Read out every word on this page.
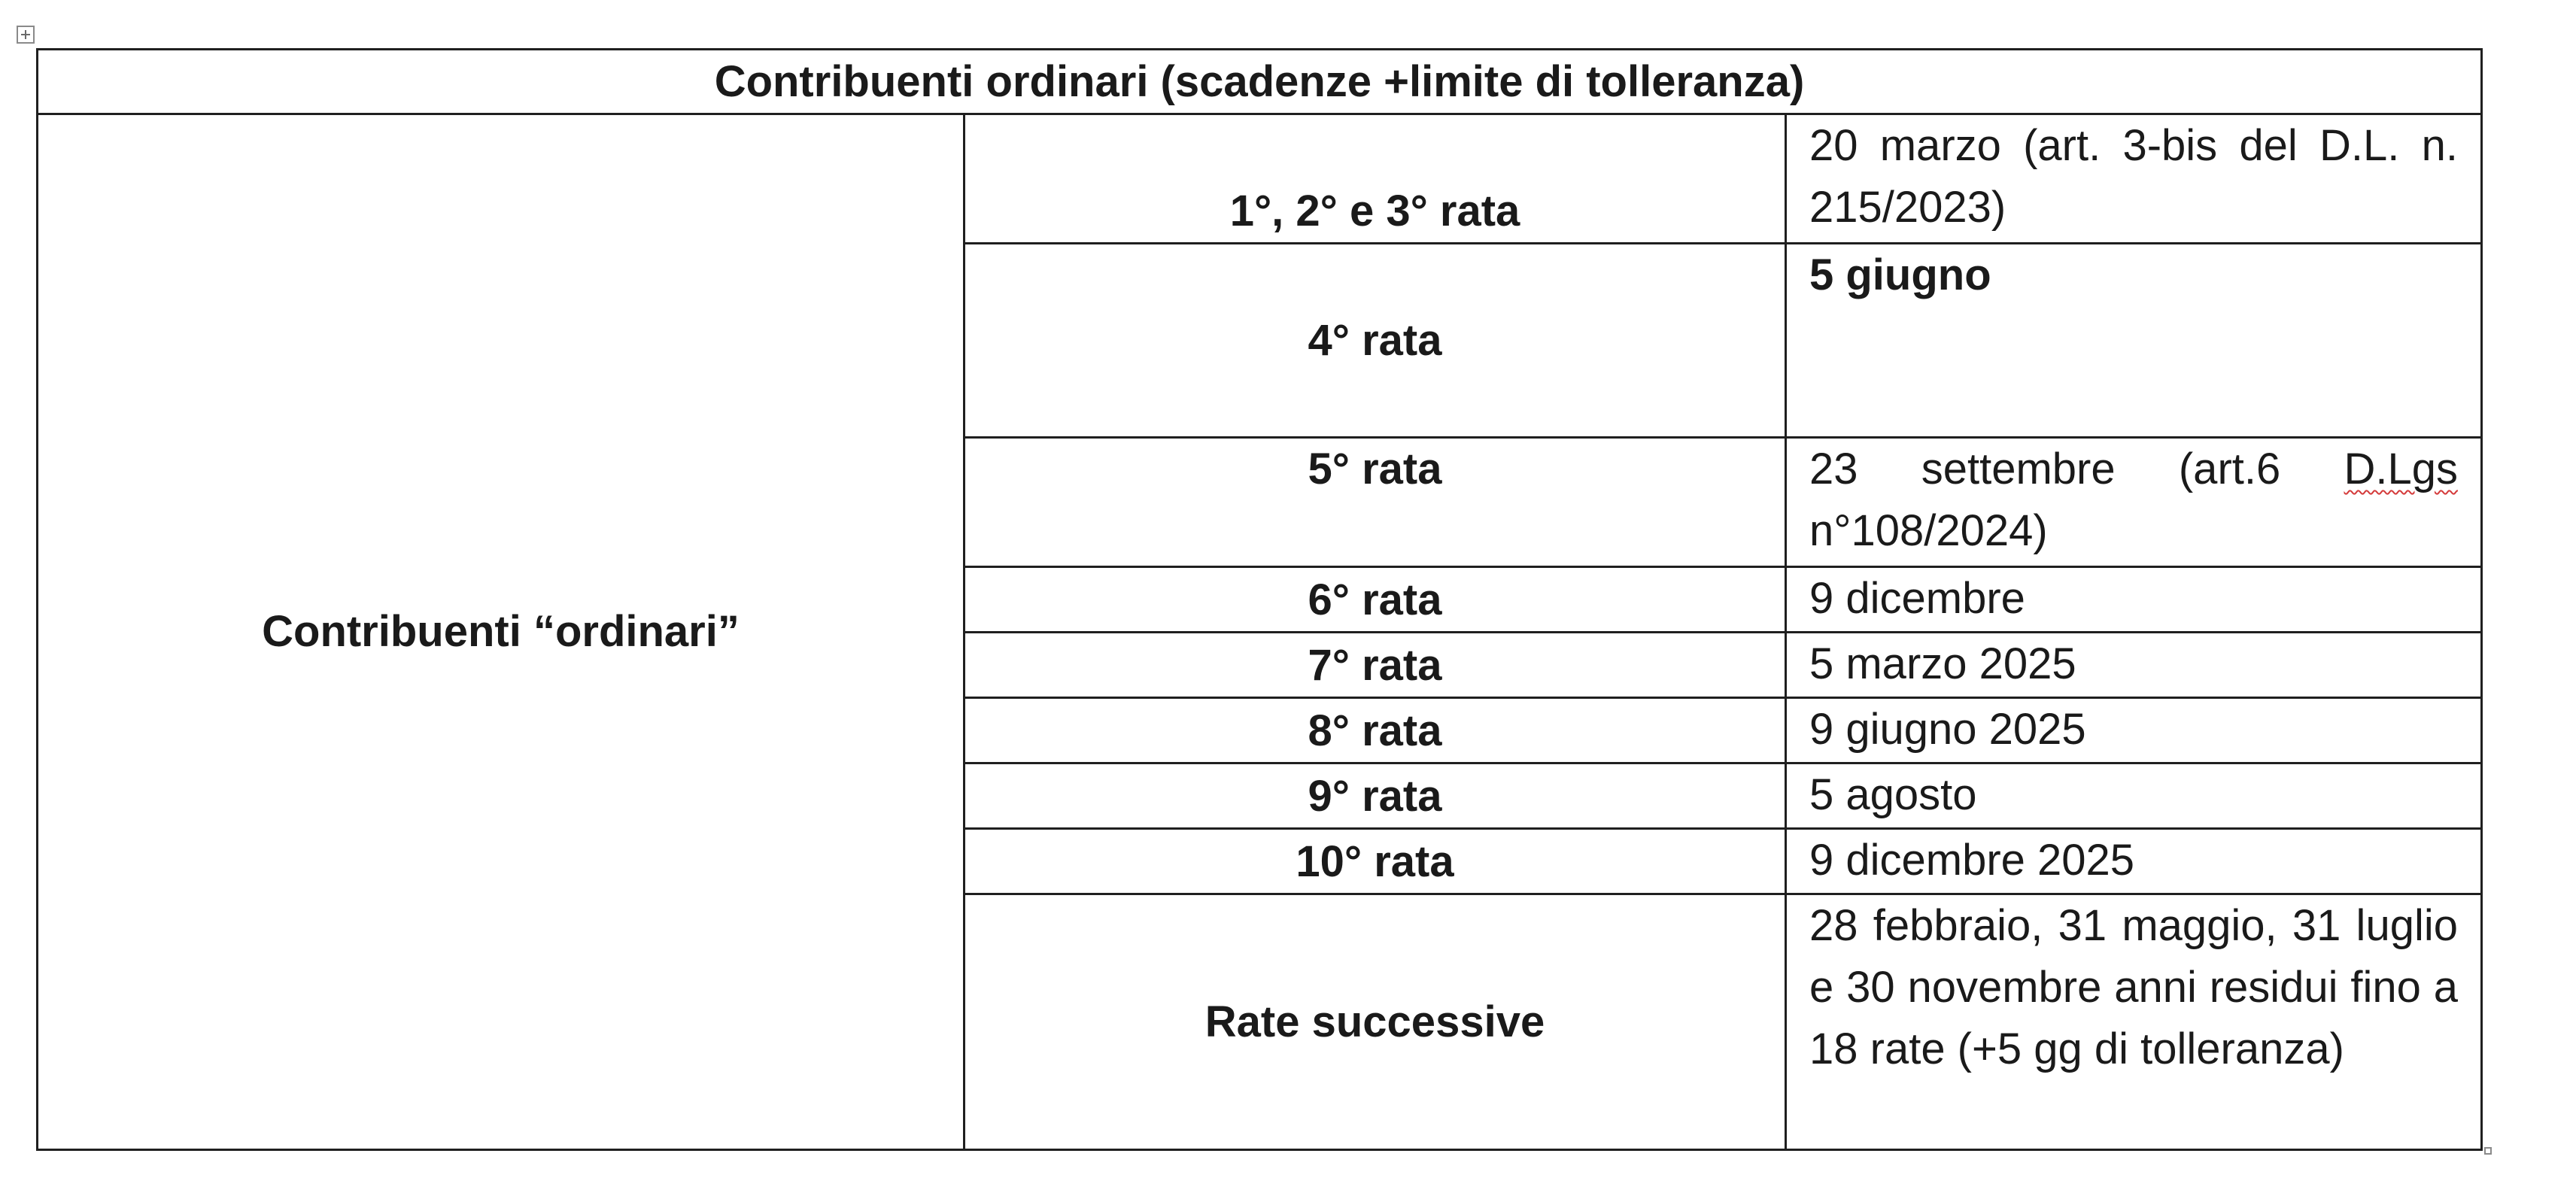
Contribuenti ordinari (scadenze +limite di tolleranza)		
Contribuenti “ordinari”	1°, 2° e 3° rata	20 marzo (art. 3-bis del D.L. n. 215/2023)
	4° rata	5 giugno
	5° rata	23 settembre (art.6 D.Lgs n°108/2024)
	6° rata	9 dicembre
	7° rata	5 marzo 2025
	8° rata	9 giugno 2025
	9° rata	5 agosto
	10° rata	9 dicembre 2025
	Rate successive	28 febbraio, 31 maggio, 31 luglio e 30 novembre anni residui fino a 18 rate (+5 gg di tolleranza)
